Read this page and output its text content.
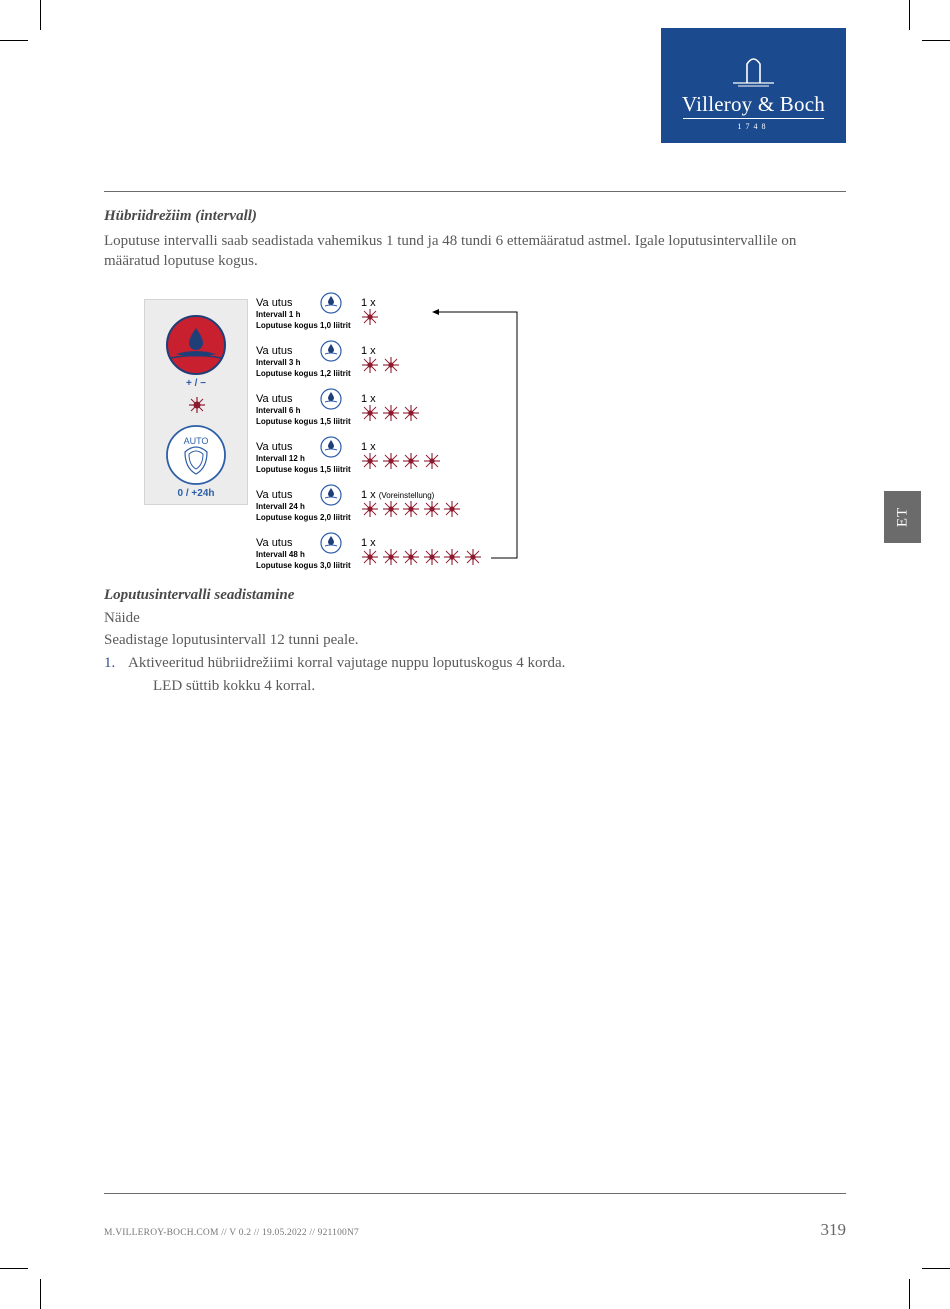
Villeroy & Boch
1748
Hübriidrežiim (intervall)
Loputuse intervalli saab seadistada vahemikus 1 tund ja 48 tundi 6 ettemääratud astmel. Igale loputusintervallile on
määratud loputuse kogus.
+ / −
AUTO
0 / +24h
Va utus
Intervall 1 h
Loputuse kogus 1,0 liitrit
1 x
Va utus
Intervall 3 h
Loputuse kogus 1,2 liitrit
1 x
Va utus
Intervall 6 h
Loputuse kogus 1,5 liitrit
1 x
Va utus
Intervall 12 h
Loputuse kogus 1,5 liitrit
1 x
Va utus
Intervall 24 h
Loputuse kogus 2,0 liitrit
1 x (Voreinstellung)
Va utus
Intervall 48 h
Loputuse kogus 3,0 liitrit
1 x
Loputusintervalli seadistamine
Näide
Seadistage loputusintervall 12 tunni peale.
1. Aktiveeritud hübriidrežiimi korral vajutage nuppu loputuskogus 4 korda.
LED süttib kokku 4 korral.
ET
M.VILLEROY-BOCH.COM // V 0.2 // 19.05.2022 // 921100N7	319
